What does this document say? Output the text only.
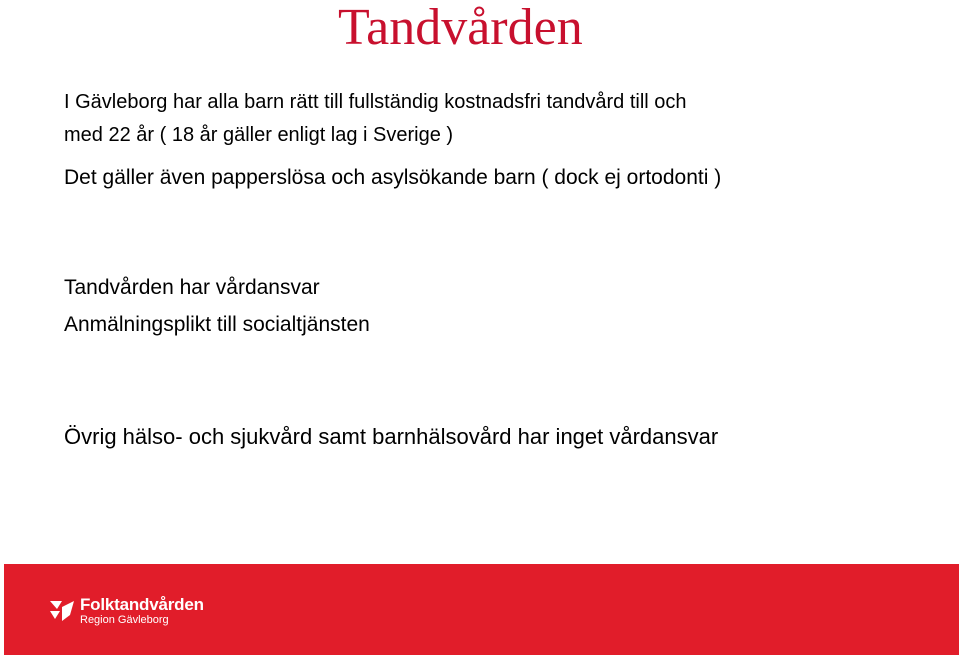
Tandvården
I Gävleborg har alla barn rätt till fullständig kostnadsfri tandvård till och
med 22 år ( 18 år gäller enligt lag i Sverige )
Det gäller även papperslösa och asylsökande barn ( dock ej ortodonti )
Tandvården har vårdansvar
Anmälningsplikt till socialtjänsten
Övrig hälso- och sjukvård samt barnhälsovård har inget vårdansvar
Folktandvården
Region Gävleborg
